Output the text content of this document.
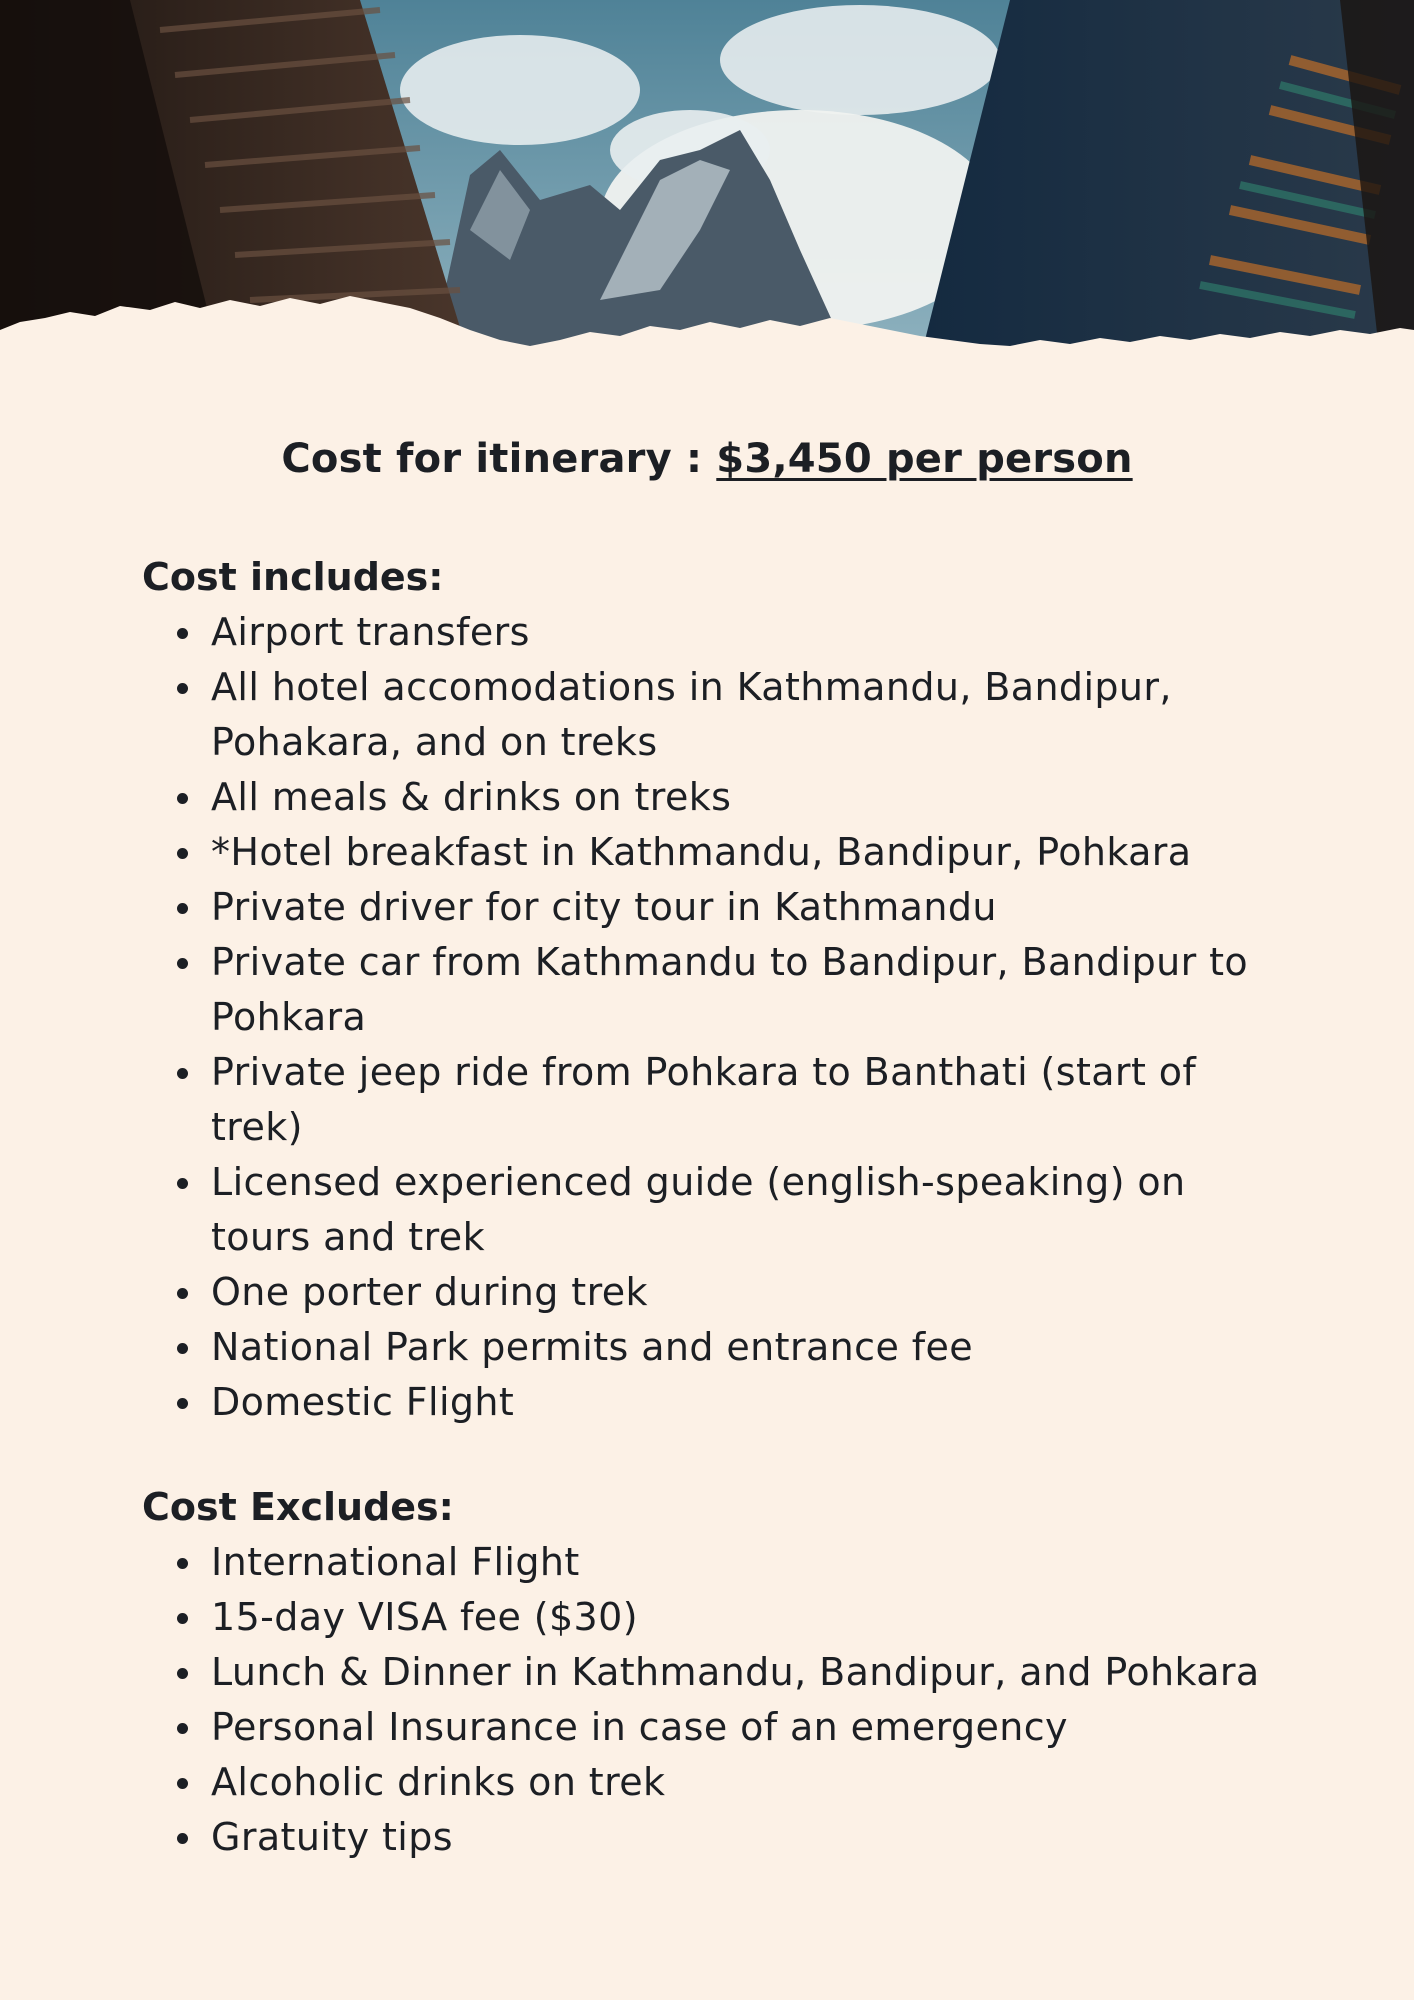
Cost for itinerary : $3,450 per person

Cost includes:
Airport transfers
All hotel accomodations in Kathmandu, Bandipur, Pohakara, and on treks
All meals & drinks on treks
*Hotel breakfast in Kathmandu, Bandipur, Pohkara
Private driver for city tour in Kathmandu
Private car from Kathmandu to Bandipur, Bandipur to Pohkara
Private jeep ride from Pohkara to Banthati (start of trek)
Licensed experienced guide (english-speaking) on tours and trek
One porter during trek
National Park permits and entrance fee
Domestic Flight
Cost Excludes:
International Flight
15-day VISA fee ($30)
Lunch & Dinner in Kathmandu, Bandipur, and Pohkara
Personal Insurance in case of an emergency
Alcoholic drinks on trek
Gratuity tips
